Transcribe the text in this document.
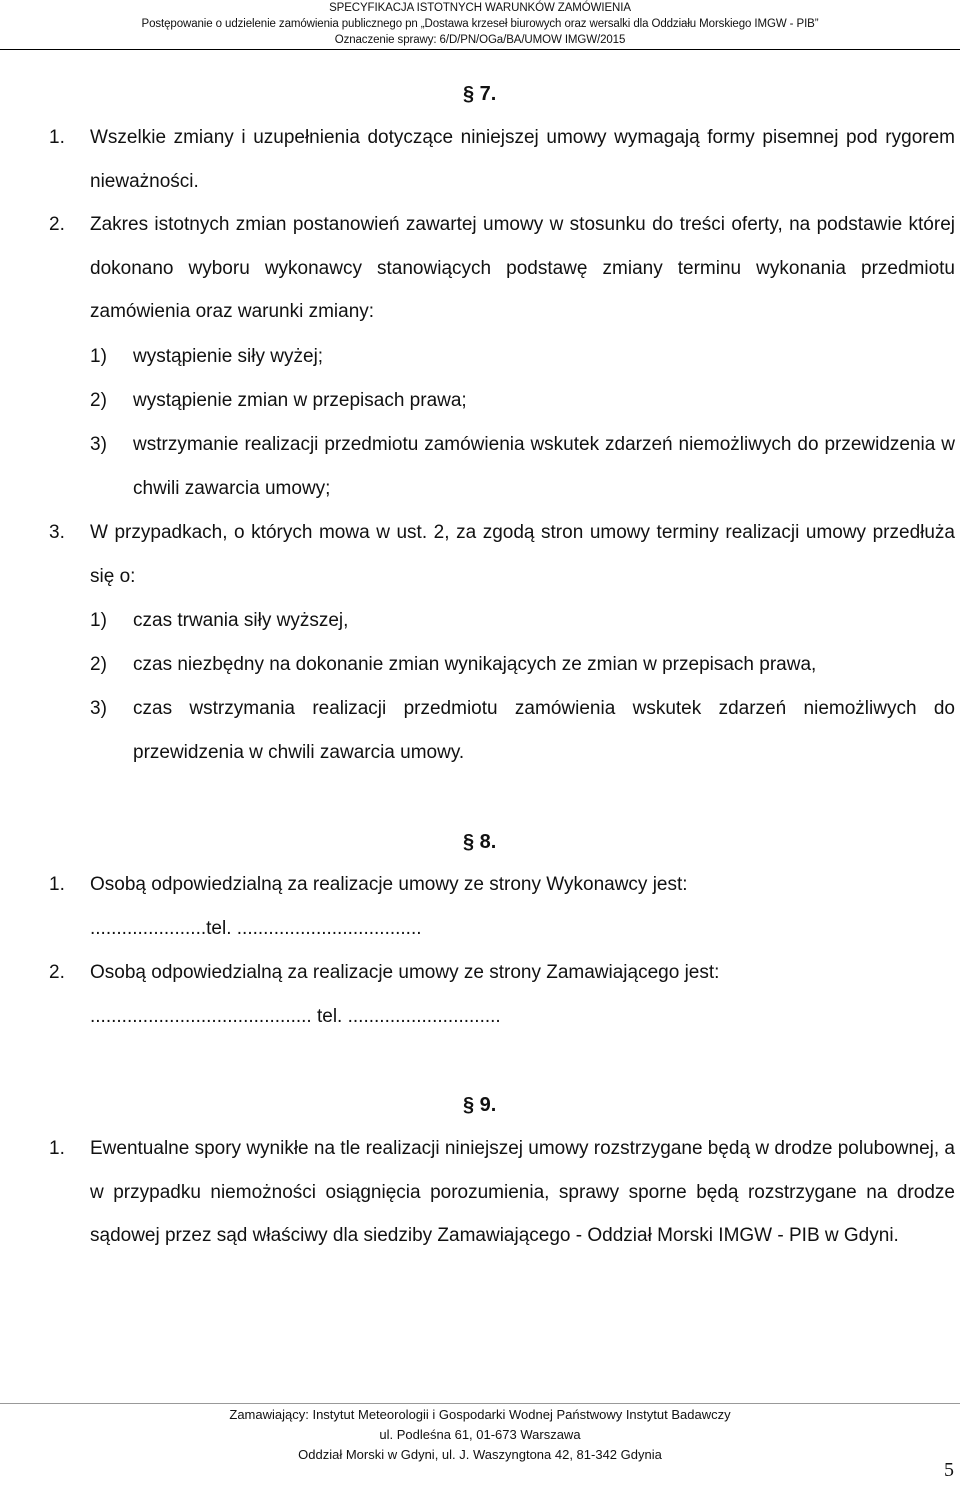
SPECYFIKACJA ISTOTNYCH WARUNKÓW ZAMÓWIENIA
Postępowanie o udzielenie zamówienia publicznego pn „Dostawa krzeseł biurowych oraz wersalki dla Oddziału Morskiego IMGW - PIB”
Oznaczenie sprawy: 6/D/PN/OGa/BA/UMOW IMGW/2015
§ 7.
1. Wszelkie zmiany i uzupełnienia dotyczące niniejszej umowy wymagają formy pisemnej pod rygorem nieważności.
2. Zakres istotnych zmian postanowień zawartej umowy w stosunku do treści oferty, na podstawie której dokonano wyboru wykonawcy stanowiących podstawę zmiany terminu wykonania przedmiotu zamówienia oraz warunki zmiany:
1) wystąpienie siły wyżej;
2) wystąpienie zmian w przepisach prawa;
3) wstrzymanie realizacji przedmiotu zamówienia wskutek zdarzeń niemożliwych do przewidzenia w chwili zawarcia umowy;
3. W przypadkach, o których mowa w ust. 2, za zgodą stron umowy terminy realizacji umowy przedłuża się o:
1) czas trwania siły wyższej,
2) czas niezbędny na dokonanie zmian wynikających ze zmian w przepisach prawa,
3) czas wstrzymania realizacji przedmiotu zamówienia wskutek zdarzeń niemożliwych do przewidzenia w chwili zawarcia umowy.
§ 8.
1. Osobą odpowiedzialną za realizacje umowy ze strony Wykonawcy jest:
......................tel. ...................................
2. Osobą odpowiedzialną za realizacje umowy ze strony Zamawiającego jest:
.......................................... tel. .............................
§ 9.
1. Ewentualne spory wynikłe na tle realizacji niniejszej umowy rozstrzygane będą w drodze polubownej, a w przypadku niemożności osiągnięcia porozumienia, sprawy sporne będą rozstrzygane na drodze sądowej przez sąd właściwy dla siedziby Zamawiającego - Oddział Morski IMGW - PIB w Gdyni.
Zamawiający: Instytut Meteorologii i Gospodarki Wodnej Państwowy Instytut Badawczy
ul. Podleśna 61, 01-673 Warszawa
Oddział Morski w Gdyni, ul. J. Waszyngtona 42, 81-342 Gdynia
5
